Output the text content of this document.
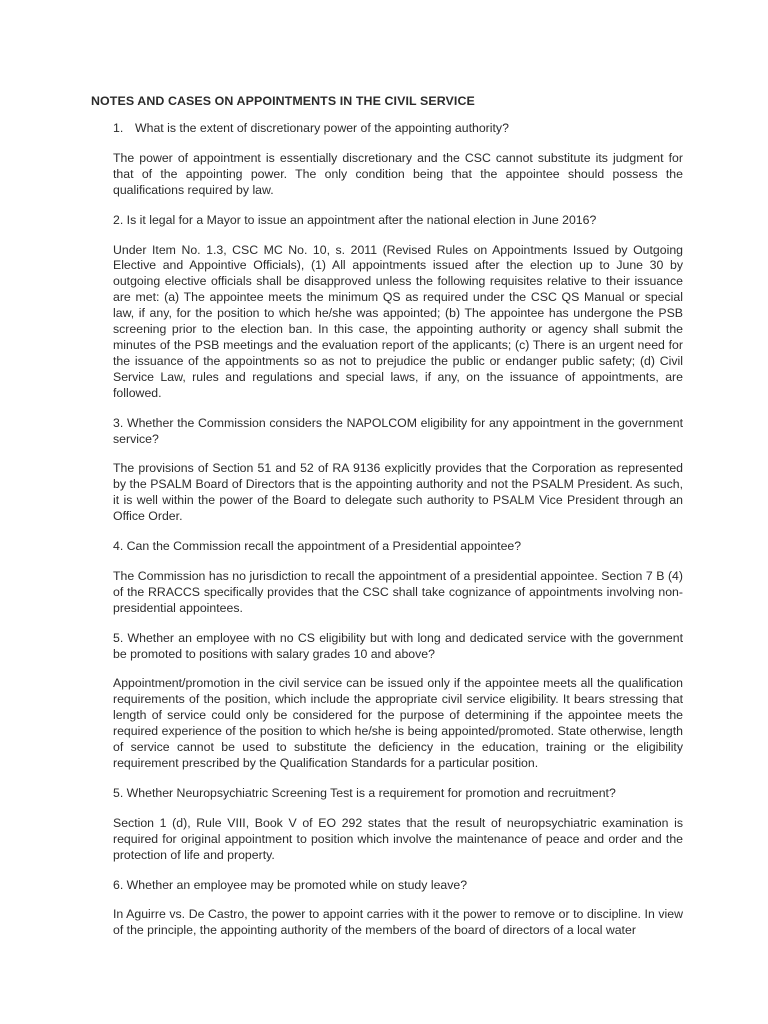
NOTES AND CASES ON APPOINTMENTS IN THE CIVIL SERVICE
1. What is the extent of discretionary power of the appointing authority?
The power of appointment is essentially discretionary and the CSC cannot substitute its judgment for that of the appointing power. The only condition being that the appointee should possess the qualifications required by law.
2. Is it legal for a Mayor to issue an appointment after the national election in June 2016?
Under Item No. 1.3, CSC MC No. 10, s. 2011 (Revised Rules on Appointments Issued by Outgoing Elective and Appointive Officials), (1) All appointments issued after the election up to June 30 by outgoing elective officials shall be disapproved unless the following requisites relative to their issuance are met: (a) The appointee meets the minimum QS as required under the CSC QS Manual or special law, if any, for the position to which he/she was appointed; (b) The appointee has undergone the PSB screening prior to the election ban. In this case, the appointing authority or agency shall submit the minutes of the PSB meetings and the evaluation report of the applicants; (c) There is an urgent need for the issuance of the appointments so as not to prejudice the public or endanger public safety; (d) Civil Service Law, rules and regulations and special laws, if any, on the issuance of appointments, are followed.
3. Whether the Commission considers the NAPOLCOM eligibility for any appointment in the government service?
The provisions of Section 51 and 52 of RA 9136 explicitly provides that the Corporation as represented by the PSALM Board of Directors that is the appointing authority and not the PSALM President. As such, it is well within the power of the Board to delegate such authority to PSALM Vice President through an Office Order.
4. Can the Commission recall the appointment of a Presidential appointee?
The Commission has no jurisdiction to recall the appointment of a presidential appointee. Section 7 B (4) of the RRACCS specifically provides that the CSC shall take cognizance of appointments involving non-presidential appointees.
5. Whether an employee with no CS eligibility but with long and dedicated service with the government be promoted to positions with salary grades 10 and above?
Appointment/promotion in the civil service can be issued only if the appointee meets all the qualification requirements of the position, which include the appropriate civil service eligibility. It bears stressing that length of service could only be considered for the purpose of determining if the appointee meets the required experience of the position to which he/she is being appointed/promoted. State otherwise, length of service cannot be used to substitute the deficiency in the education, training or the eligibility requirement prescribed by the Qualification Standards for a particular position.
5. Whether Neuropsychiatric Screening Test is a requirement for promotion and recruitment?
Section 1 (d), Rule VIII, Book V of EO 292 states that the result of neuropsychiatric examination is required for original appointment to position which involve the maintenance of peace and order and the protection of life and property.
6. Whether an employee may be promoted while on study leave?
In Aguirre vs. De Castro, the power to appoint carries with it the power to remove or to discipline. In view of the principle, the appointing authority of the members of the board of directors of a local water
